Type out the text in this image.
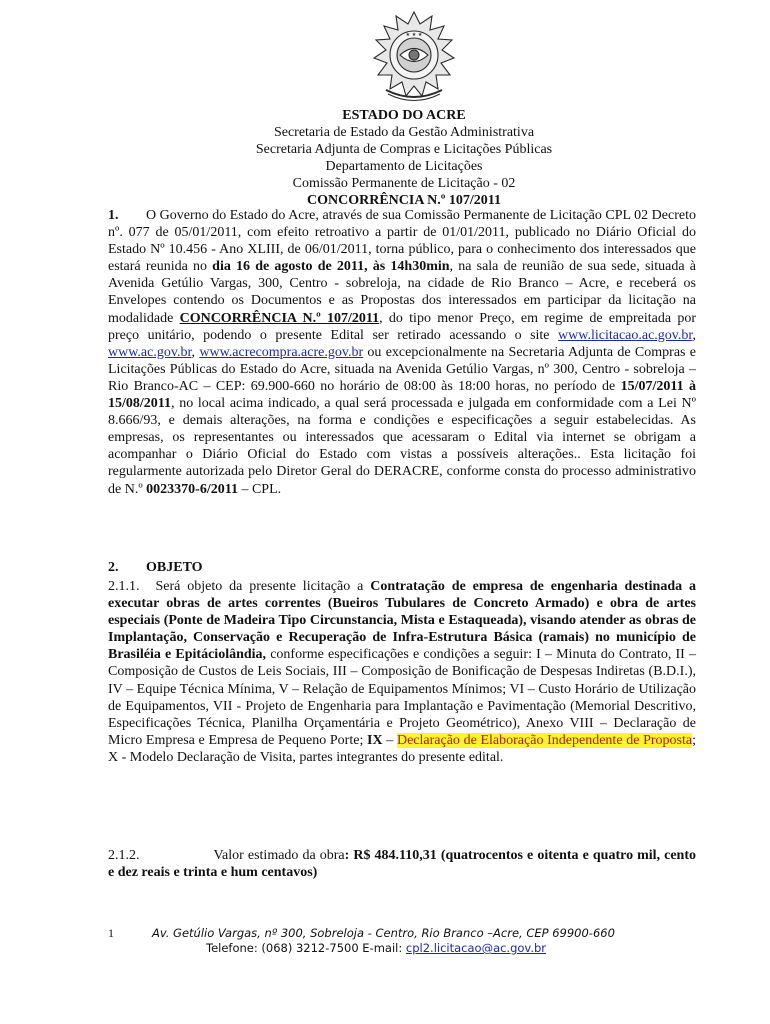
★ ★ ★
ESTADO DO ACRE
Secretaria de Estado da Gestão Administrativa
Secretaria Adjunta de Compras e Licitações Públicas
Departamento de Licitações
Comissão Permanente de Licitação - 02
CONCORRÊNCIA N.º 107/2011
1. O Governo do Estado do Acre, através de sua Comissão Permanente de Licitação CPL 02 Decreto nº. 077 de 05/01/2011, com efeito retroativo a partir de 01/01/2011, publicado no Diário Oficial do Estado Nº 10.456 - Ano XLIII, de 06/01/2011, torna público, para o conhecimento dos interessados que estará reunida no dia 16 de agosto de 2011, às 14h30min, na sala de reunião de sua sede, situada à Avenida Getúlio Vargas, 300, Centro - sobreloja, na cidade de Rio Branco – Acre, e receberá os Envelopes contendo os Documentos e as Propostas dos interessados em participar da licitação na modalidade CONCORRÊNCIA N.º 107/2011, do tipo menor Preço, em regime de empreitada por preço unitário, podendo o presente Edital ser retirado acessando o site www.licitacao.ac.gov.br, www.ac.gov.br, www.acrecompra.acre.gov.br ou excepcionalmente na Secretaria Adjunta de Compras e Licitações Públicas do Estado do Acre, situada na Avenida Getúlio Vargas, nº 300, Centro - sobreloja – Rio Branco-AC – CEP: 69.900-660 no horário de 08:00 às 18:00 horas, no período de 15/07/2011 à 15/08/2011, no local acima indicado, a qual será processada e julgada em conformidade com a Lei Nº 8.666/93, e demais alterações, na forma e condições e especificações a seguir estabelecidas. As empresas, os representantes ou interessados que acessaram o Edital via internet se obrigam a acompanhar o Diário Oficial do Estado com vistas a possíveis alterações.. Esta licitação foi regularmente autorizada pelo Diretor Geral do DERACRE, conforme consta do processo administrativo de N.º 0023370-6/2011 – CPL.
2. OBJETO
2.1.1. Será objeto da presente licitação a Contratação de empresa de engenharia destinada a executar obras de artes correntes (Bueiros Tubulares de Concreto Armado) e obra de artes especiais (Ponte de Madeira Tipo Circunstancia, Mista e Estaqueada), visando atender as obras de Implantação, Conservação e Recuperação de Infra-Estrutura Básica (ramais) no município de Brasiléia e Epitáciolândia, conforme especificações e condições a seguir: I – Minuta do Contrato, II – Composição de Custos de Leis Sociais, III – Composição de Bonificação de Despesas Indiretas (B.D.I.), IV – Equipe Técnica Mínima, V – Relação de Equipamentos Mínimos; VI – Custo Horário de Utilização de Equipamentos, VII - Projeto de Engenharia para Implantação e Pavimentação (Memorial Descritivo, Especificações Técnica, Planilha Orçamentária e Projeto Geométrico), Anexo VIII – Declaração de Micro Empresa e Empresa de Pequeno Porte; IX – Declaração de Elaboração Independente de Proposta; X - Modelo Declaração de Visita, partes integrantes do presente edital.
2.1.2.	Valor estimado da obra: R$ 484.110,31 (quatrocentos e oitenta e quatro mil, cento e dez reais e trinta e hum centavos)
1	Av. Getúlio Vargas, nº 300, Sobreloja - Centro, Rio Branco –Acre, CEP 69900-660
Telefone: (068) 3212-7500 E-mail: cpl2.licitacao@ac.gov.br
